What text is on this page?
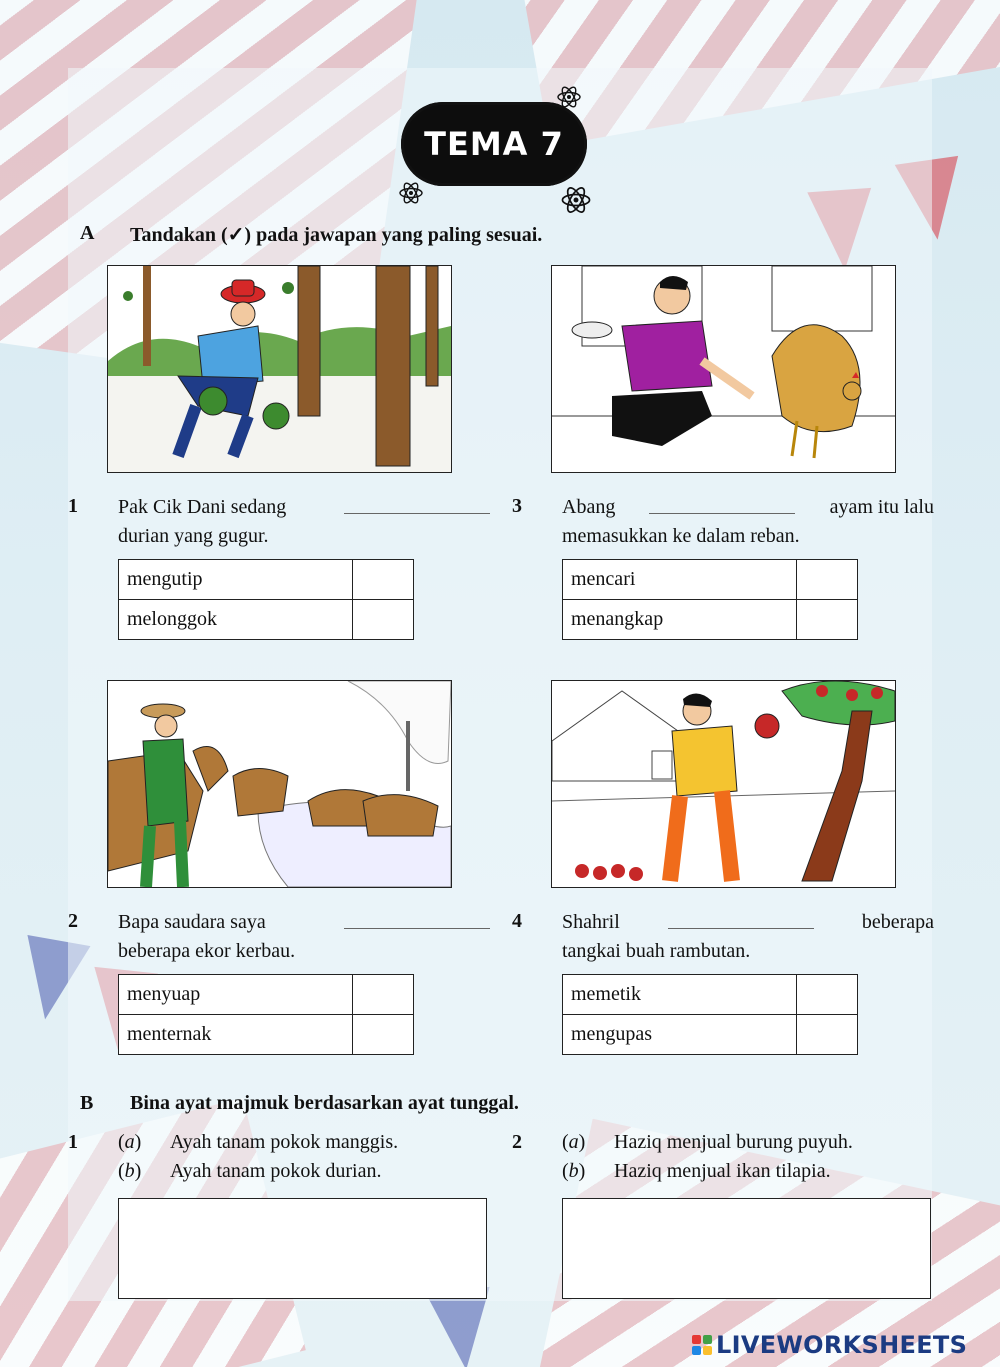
TEMA 7
A Tandakan (✓) pada jawapan yang paling sesuai.
1 Pak Cik Dani sedang
durian yang gugur.
mengutip	
melonggok	
3 Abang	ayam itu lalu
memasukkan ke dalam reban.
mencari	
menangkap	
2 Bapa saudara saya
beberapa ekor kerbau.
menyuap	
menternak	
4 Shahril	beberapa
tangkai buah rambutan.
memetik	
mengupas	
B Bina ayat majmuk berdasarkan ayat tunggal.
1 (a) Ayah tanam pokok manggis.
(b) Ayah tanam pokok durian.
2 (a) Haziq menjual burung puyuh.
(b) Haziq menjual ikan tilapia.
LIVEWORKSHEETS
